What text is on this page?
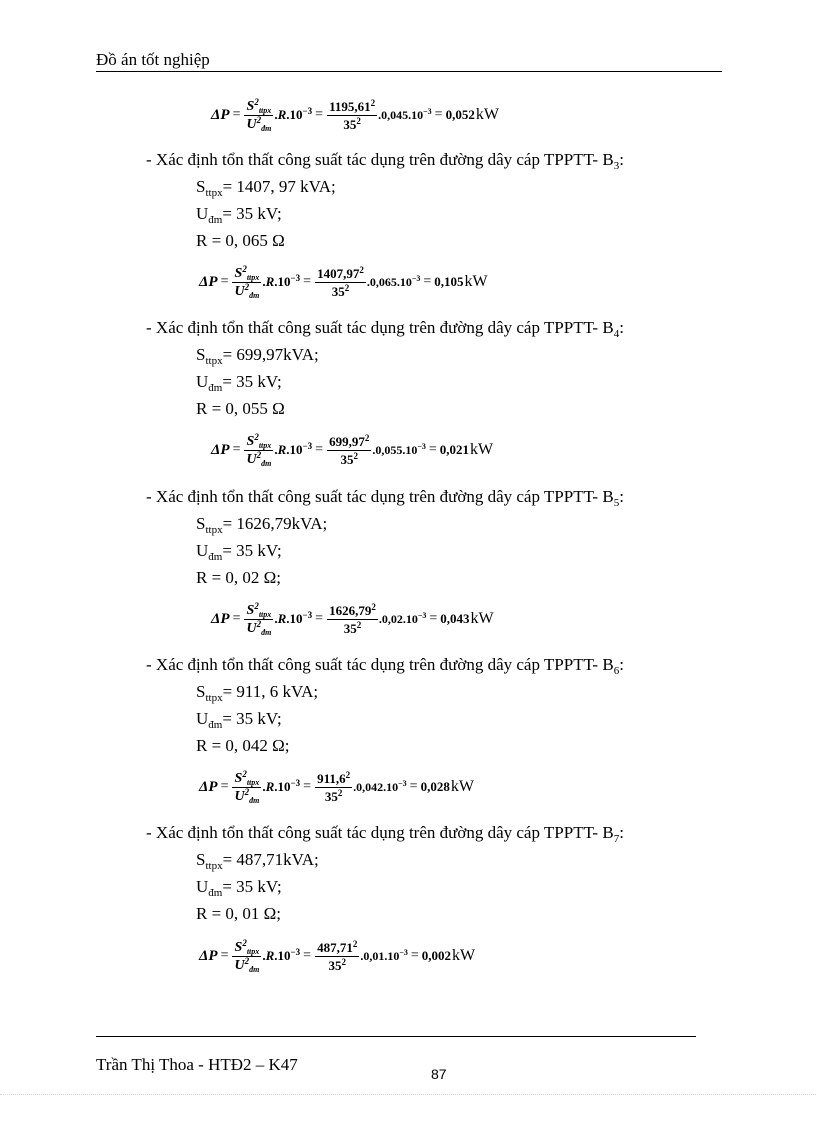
Đồ án tốt nghiệp
$\Delta P = \frac{S^2_{ttpx}}{U^2_{đm}} .R.10^{-3} = \frac{1195,61^2}{35^2} .0,045.10^{-3} = 0,052$ kW
- Xác định tổn thất công suất tác dụng trên đường dây cáp TPPTT- $B_3$:
$S_{ttpx}= 1407$, 97 kVA;
$U_{đm}= 35$ kV;
R = 0, 065 Ω
$\Delta P = \frac{S^2_{ttpx}}{U^2_{đm}} .R.10^{-3} = \frac{1407,97^2}{35^2} .0,065.10^{-3} = 0,105$ kW
- Xác định tổn thất công suất tác dụng trên đường dây cáp TPPTT- $B_4$:
$S_{ttpx}= 699,97kVA$;
$U_{đm}= 35$ kV;
R = 0, 055 Ω
$\Delta P = \frac{S^2_{ttpx}}{U^2_{đm}} .R.10^{-3} = \frac{699,97^2}{35^2} .0,055.10^{-3} = 0,021$ kW
- Xác định tổn thất công suất tác dụng trên đường dây cáp TPPTT- $B_5$:
$S_{ttpx}= 1626,79kVA$;
$U_{đm}= 35$ kV;
R = 0, 02 Ω;
$\Delta P = \frac{S^2_{ttpx}}{U^2_{đm}} .R.10^{-3} = \frac{1626,79^2}{35^2} .0,02.10^{-3} = 0,043$ kW
- Xác định tổn thất công suất tác dụng trên đường dây cáp TPPTT- $B_6$:
$S_{ttpx}= 911$, 6 kVA;
$U_{đm}= 35$ kV;
R = 0, 042 Ω;
$\Delta P = \frac{S^2_{ttpx}}{U^2_{đm}} .R.10^{-3} = \frac{911,6^2}{35^2} .0,042.10^{-3} = 0,028$ kW
- Xác định tổn thất công suất tác dụng trên đường dây cáp TPPTT- $B_7$:
$S_{ttpx}= 487,71kVA$;
$U_{đm}= 35$ kV;
R = 0, 01 Ω;
$\Delta P = \frac{S^2_{ttpx}}{U^2_{đm}} .R.10^{-3} = \frac{487,71^2}{35^2} .0,01.10^{-3} = 0,002$ kW
Trần Thị Thoa - HTĐ2 – K47	87
